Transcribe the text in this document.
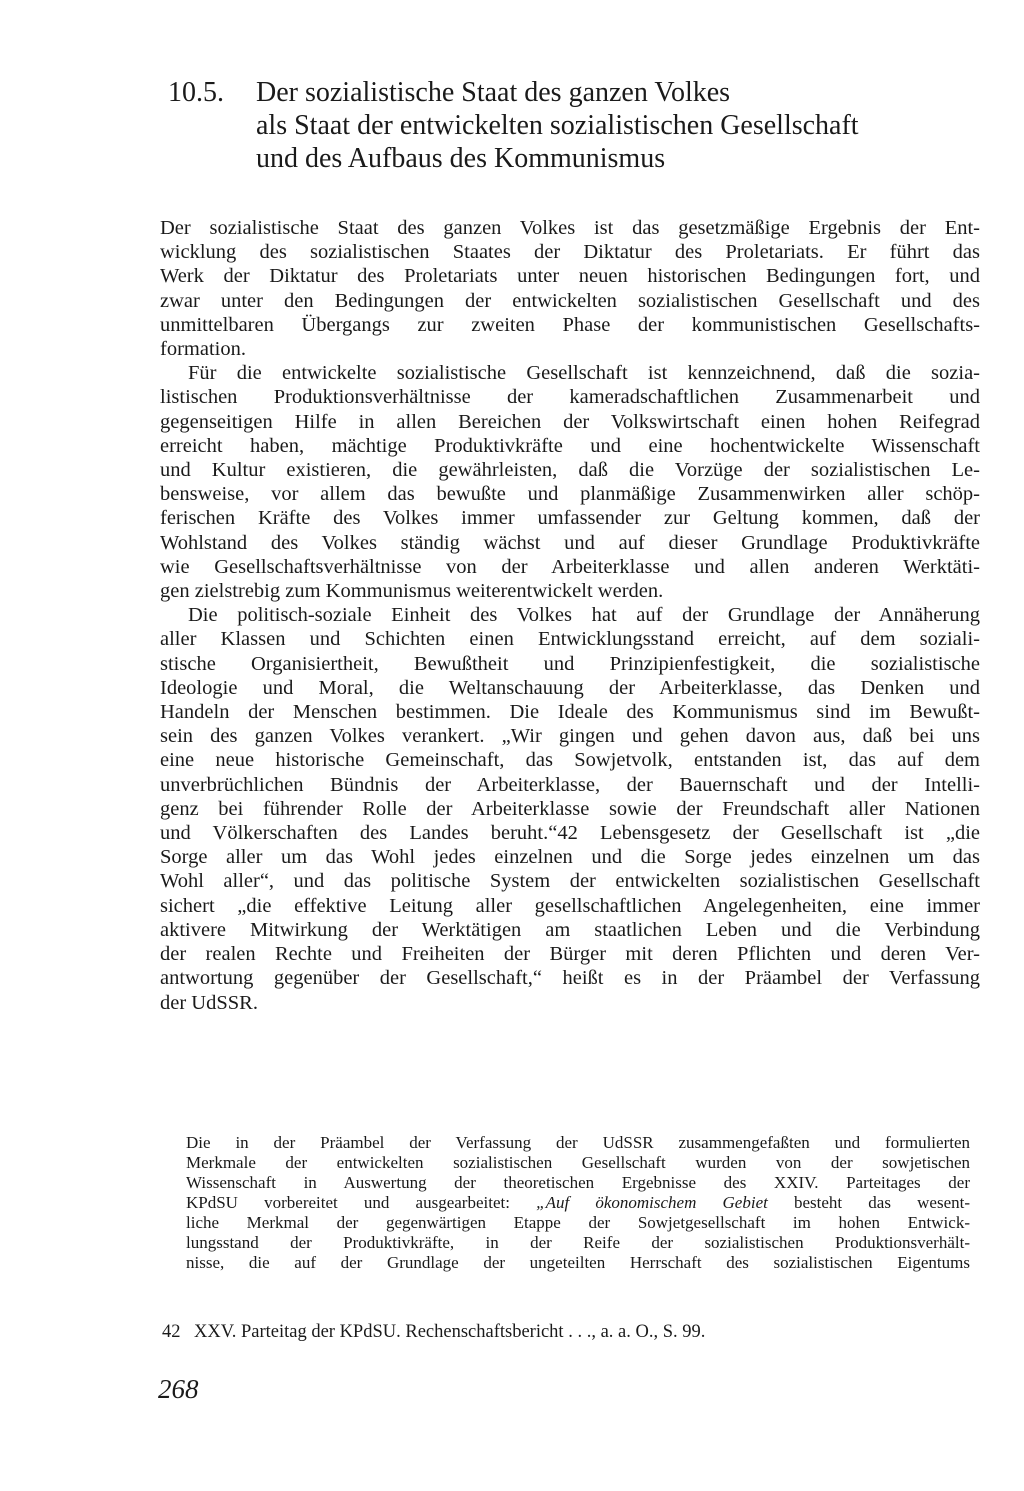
10.5.	Der sozialistische Staat des ganzen Volkes
als Staat der entwickelten sozialistischen Gesellschaft
und des Aufbaus des Kommunismus
Der sozialistische Staat des ganzen Volkes ist das gesetzmäßige Ergebnis der Ent-
wicklung des sozialistischen Staates der Diktatur des Proletariats. Er führt das
Werk der Diktatur des Proletariats unter neuen historischen Bedingungen fort, und
zwar unter den Bedingungen der entwickelten sozialistischen Gesellschaft und des
unmittelbaren Übergangs zur zweiten Phase der kommunistischen Gesellschafts-
formation.
Für die entwickelte sozialistische Gesellschaft ist kennzeichnend, daß die sozia-
listischen Produktionsverhältnisse der kameradschaftlichen Zusammenarbeit und
gegenseitigen Hilfe in allen Bereichen der Volkswirtschaft einen hohen Reifegrad
erreicht haben, mächtige Produktivkräfte und eine hochentwickelte Wissenschaft
und Kultur existieren, die gewährleisten, daß die Vorzüge der sozialistischen Le-
bensweise, vor allem das bewußte und planmäßige Zusammenwirken aller schöp-
ferischen Kräfte des Volkes immer umfassender zur Geltung kommen, daß der
Wohlstand des Volkes ständig wächst und auf dieser Grundlage Produktivkräfte
wie Gesellschaftsverhältnisse von der Arbeiterklasse und allen anderen Werktäti-
gen zielstrebig zum Kommunismus weiterentwickelt werden.
Die politisch-soziale Einheit des Volkes hat auf der Grundlage der Annäherung
aller Klassen und Schichten einen Entwicklungsstand erreicht, auf dem soziali-
stische Organisiertheit, Bewußtheit und Prinzipienfestigkeit, die sozialistische
Ideologie und Moral, die Weltanschauung der Arbeiterklasse, das Denken und
Handeln der Menschen bestimmen. Die Ideale des Kommunismus sind im Bewußt-
sein des ganzen Volkes verankert. „Wir gingen und gehen davon aus, daß bei uns
eine neue historische Gemeinschaft, das Sowjetvolk, entstanden ist, das auf dem
unverbrüchlichen Bündnis der Arbeiterklasse, der Bauernschaft und der Intelli-
genz bei führender Rolle der Arbeiterklasse sowie der Freundschaft aller Nationen
und Völkerschaften des Landes beruht.“42 Lebensgesetz der Gesellschaft ist „die
Sorge aller um das Wohl jedes einzelnen und die Sorge jedes einzelnen um das
Wohl aller“, und das politische System der entwickelten sozialistischen Gesellschaft
sichert „die effektive Leitung aller gesellschaftlichen Angelegenheiten, eine immer
aktivere Mitwirkung der Werktätigen am staatlichen Leben und die Verbindung
der realen Rechte und Freiheiten der Bürger mit deren Pflichten und deren Ver-
antwortung gegenüber der Gesellschaft,“ heißt es in der Präambel der Verfassung
der UdSSR.
Die in der Präambel der Verfassung der UdSSR zusammengefaßten und formulierten
Merkmale der entwickelten sozialistischen Gesellschaft wurden von der sowjetischen
Wissenschaft in Auswertung der theoretischen Ergebnisse des XXIV. Parteitages der
KPdSU vorbereitet und ausgearbeitet: „Auf ökonomischem Gebiet besteht das wesent-
liche Merkmal der gegenwärtigen Etappe der Sowjetgesellschaft im hohen Entwick-
lungsstand der Produktivkräfte, in der Reife der sozialistischen Produktionsverhält-
nisse, die auf der Grundlage der ungeteilten Herrschaft des sozialistischen Eigentums
42 XXV. Parteitag der KPdSU. Rechenschaftsbericht . . ., a. a. O., S. 99.
268
